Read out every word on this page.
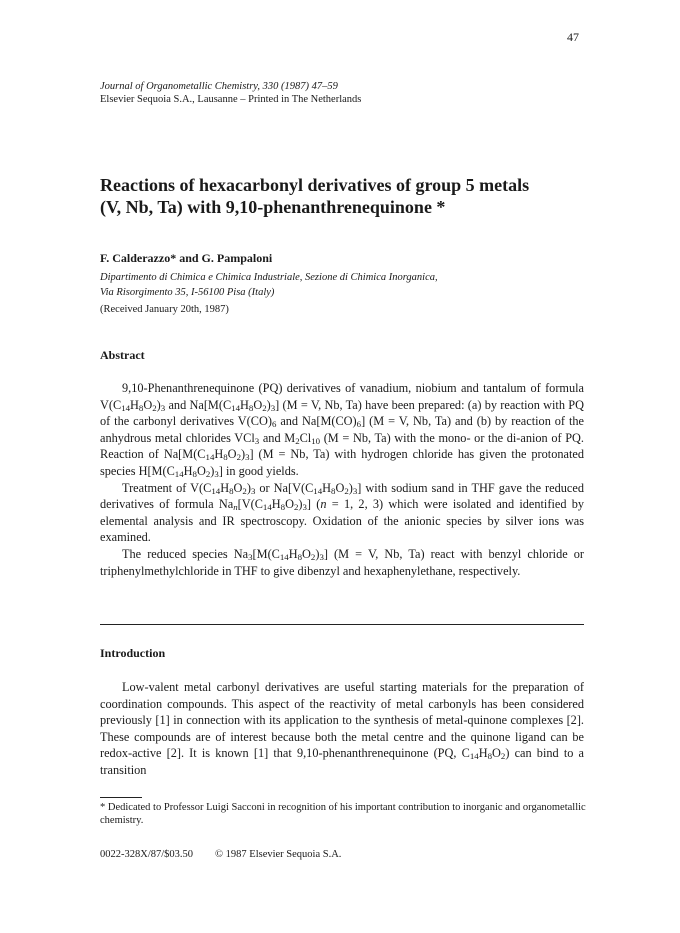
47
Journal of Organometallic Chemistry, 330 (1987) 47–59
Elsevier Sequoia S.A., Lausanne – Printed in The Netherlands
Reactions of hexacarbonyl derivatives of group 5 metals
(V, Nb, Ta) with 9,10-phenanthrenequinone *
F. Calderazzo* and G. Pampaloni
Dipartimento di Chimica e Chimica Industriale, Sezione di Chimica Inorganica,
Via Risorgimento 35, I-56100 Pisa (Italy)
(Received January 20th, 1987)
Abstract

9,10-Phenanthrenequinone (PQ) derivatives of vanadium, niobium and tantalum of formula $V(C_{14}H_8O_2)_3$ and $Na[M(C_{14}H_8O_2)_3] (M = V$, Nb, Ta) have been prepared: (a) by reaction with PQ of the carbonyl derivatives $V(CO)_6$ and $Na[M(CO)_6] (M = V$, Nb, Ta) and (b) by reaction of the anhydrous metal chlorides VCl$_3$ and $M_2Cl_{10}$ (M = Nb, Ta) with the mono- or the di-anion of PQ. Reaction of $Na[M(C_{14}H_8O_2)_3] (M = Nb$, Ta) with hydrogen chloride has given the protonated species $H[M(C_{14}H_8O_2)_3]$ in good yields.

Treatment of $V(C_{14}H_8O_2)_3$ or $Na[V(C_{14}H_8O_2)_3]$ with sodium sand in THF gave the reduced derivatives of formula $Na_n[V(C_{14}H_8O_2)_3] (n = 1$, 2, 3) which were isolated and identified by elemental analysis and IR spectroscopy. Oxidation of the anionic species by silver ions was examined.

The reduced species $Na_3[M(C_{14}H_8O_2)_3] (M = V$, Nb, Ta) react with benzyl chloride or triphenylmethylchloride in THF to give dibenzyl and hexaphenylethane, respectively.

Introduction

Low-valent metal carbonyl derivatives are useful starting materials for the preparation of coordination compounds. This aspect of the reactivity of metal carbonyls has been considered previously [1] in connection with its application to the synthesis of metal-quinone complexes [2]. These compounds are of interest because both the metal centre and the quinone ligand can be redox-active [2]. It is known [1] that 9,10-phenanthrenequinone (PQ, $C_{14}H_8O_2$) can bind to a transition

* Dedicated to Professor Luigi Sacconi in recognition of his important contribution to inorganic and organometallic chemistry.
0022-328X/87/$03.50 © 1987 Elsevier Sequoia S.A.
